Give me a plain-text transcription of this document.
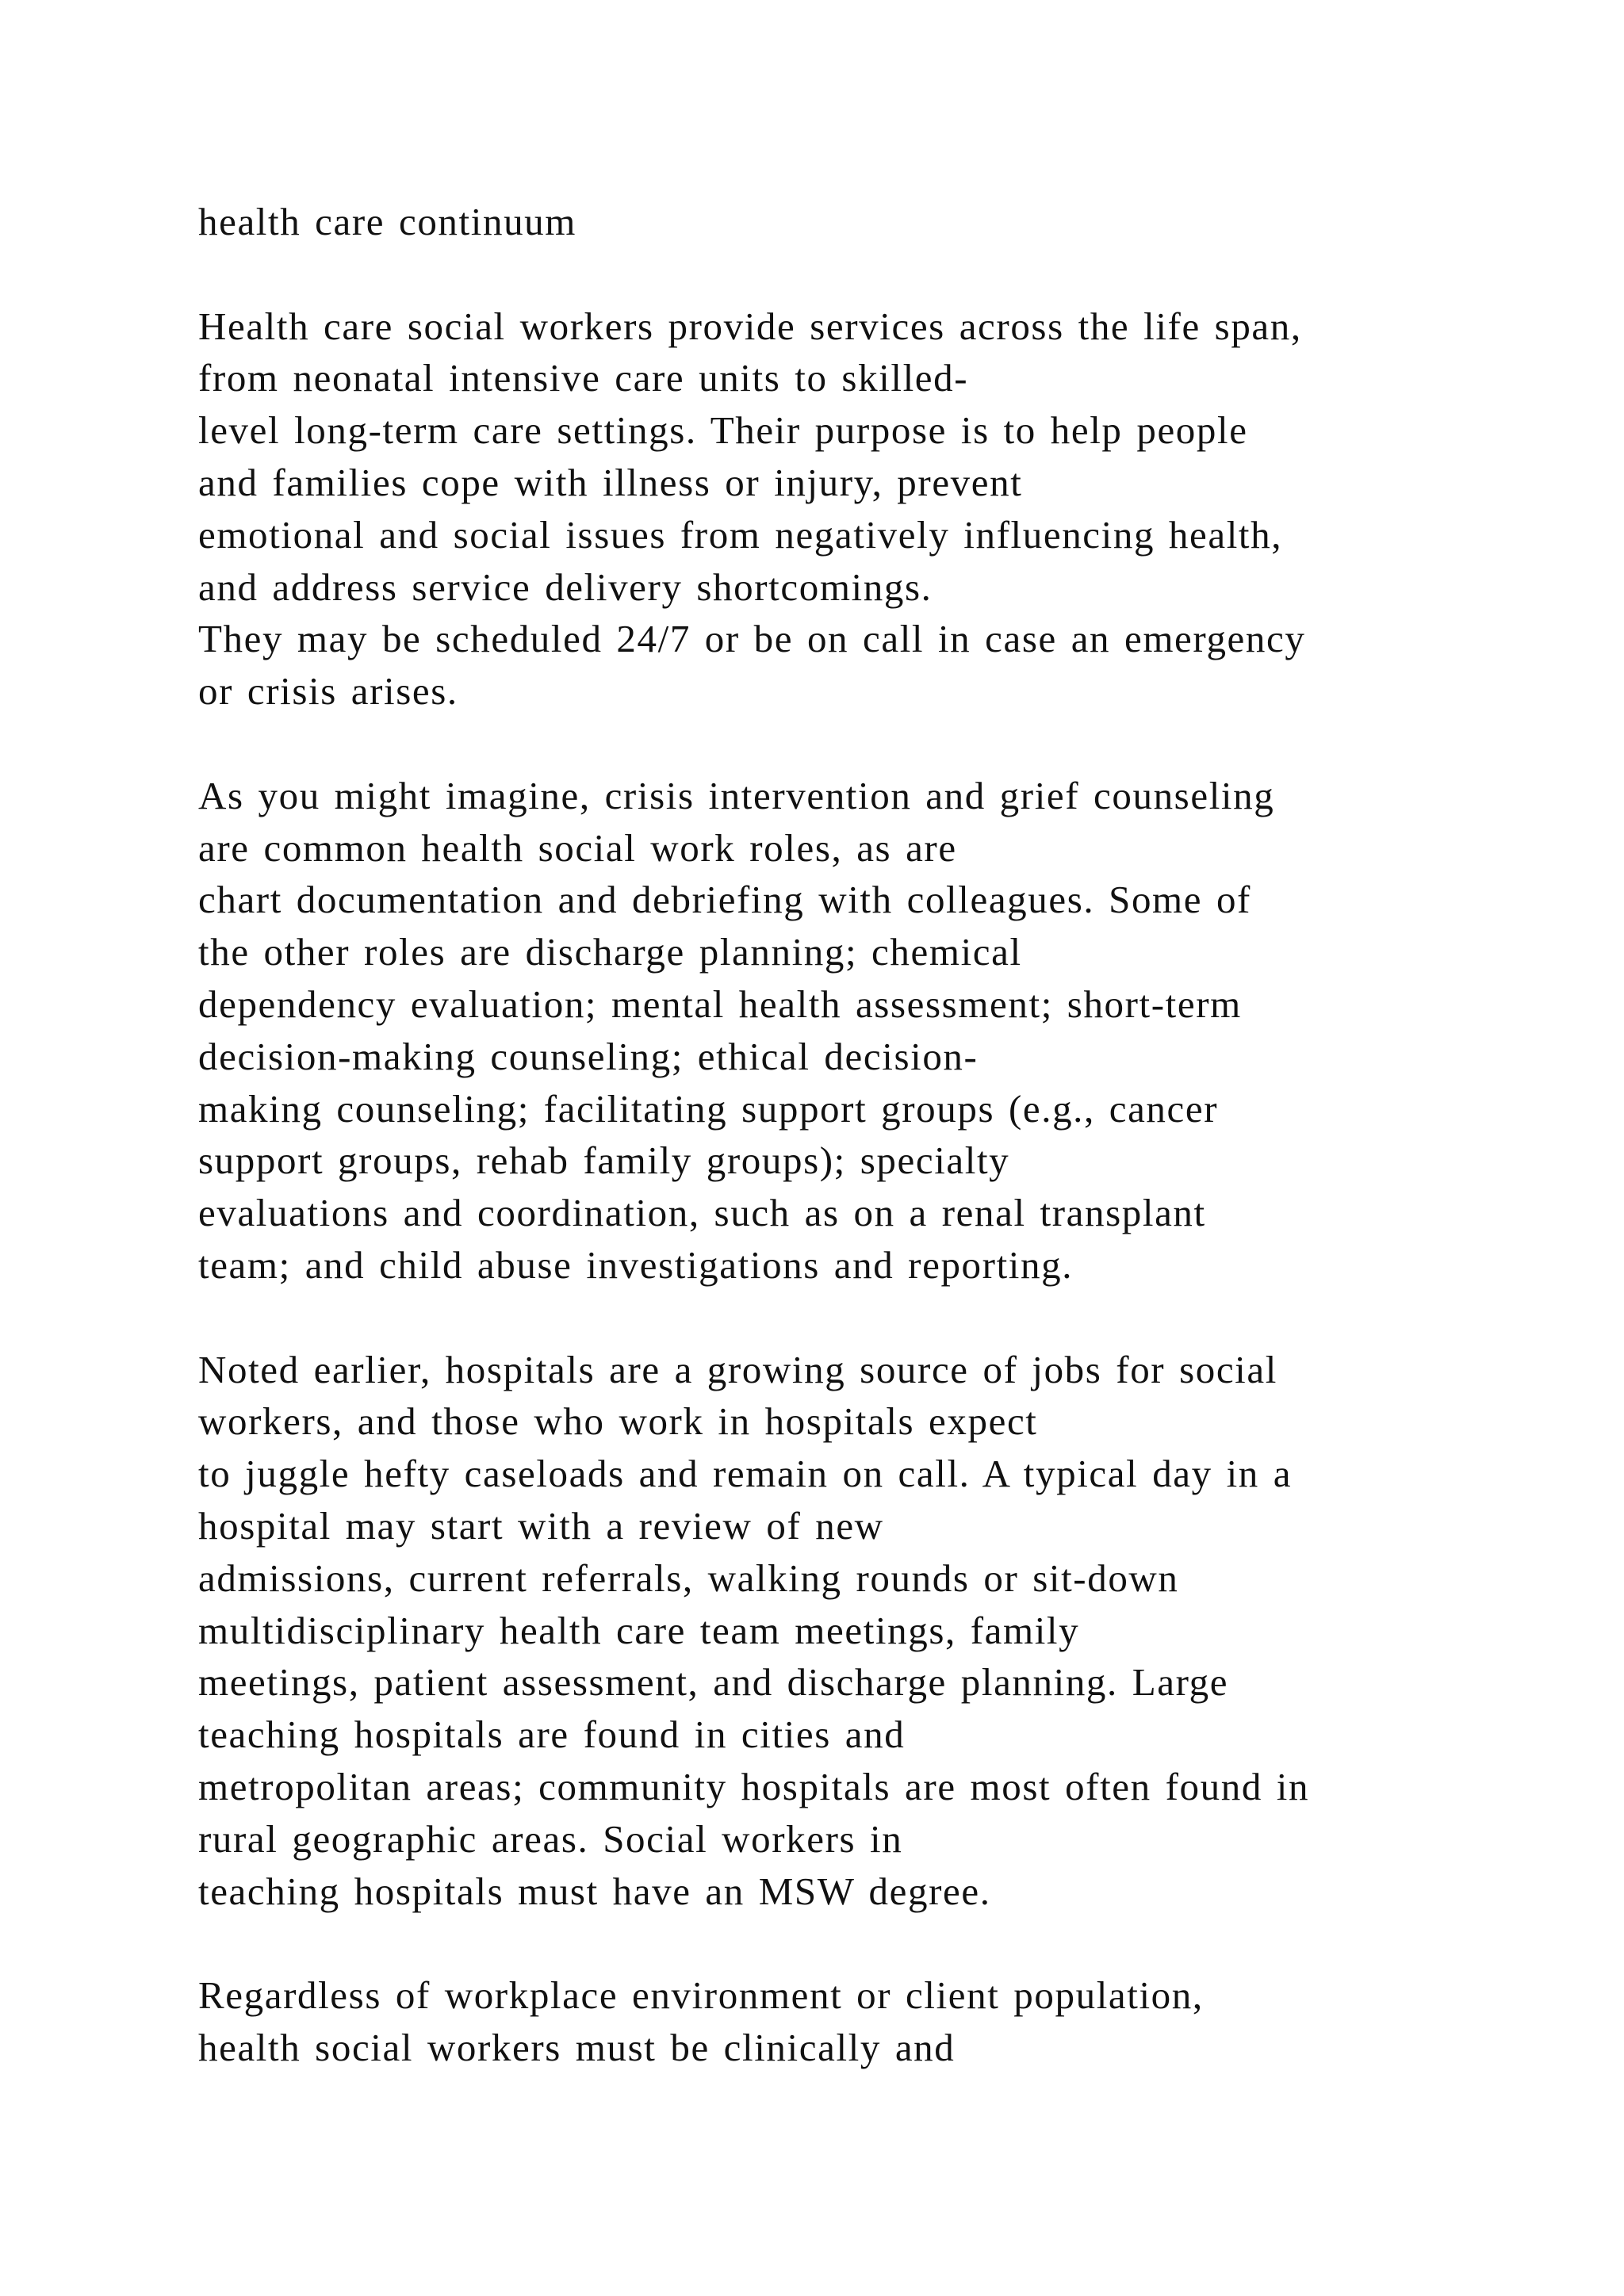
health care continuum
Health care social workers provide services across the life span,
from neonatal intensive care units to skilled-
level long-term care settings. Their purpose is to help people
and families cope with illness or injury, prevent
emotional and social issues from negatively influencing health,
and address service delivery shortcomings.
They may be scheduled 24/7 or be on call in case an emergency
or crisis arises.
As you might imagine, crisis intervention and grief counseling
are common health social work roles, as are
chart documentation and debriefing with colleagues. Some of
the other roles are discharge planning; chemical
dependency evaluation; mental health assessment; short-term
decision-making counseling; ethical decision-
making counseling; facilitating support groups (e.g., cancer
support groups, rehab family groups); specialty
evaluations and coordination, such as on a renal transplant
team; and child abuse investigations and reporting.
Noted earlier, hospitals are a growing source of jobs for social
workers, and those who work in hospitals expect
to juggle hefty caseloads and remain on call. A typical day in a
hospital may start with a review of new
admissions, current referrals, walking rounds or sit-down
multidisciplinary health care team meetings, family
meetings, patient assessment, and discharge planning. Large
teaching hospitals are found in cities and
metropolitan areas; community hospitals are most often found in
rural geographic areas. Social workers in
teaching hospitals must have an MSW degree.
Regardless of workplace environment or client population,
health social workers must be clinically and
